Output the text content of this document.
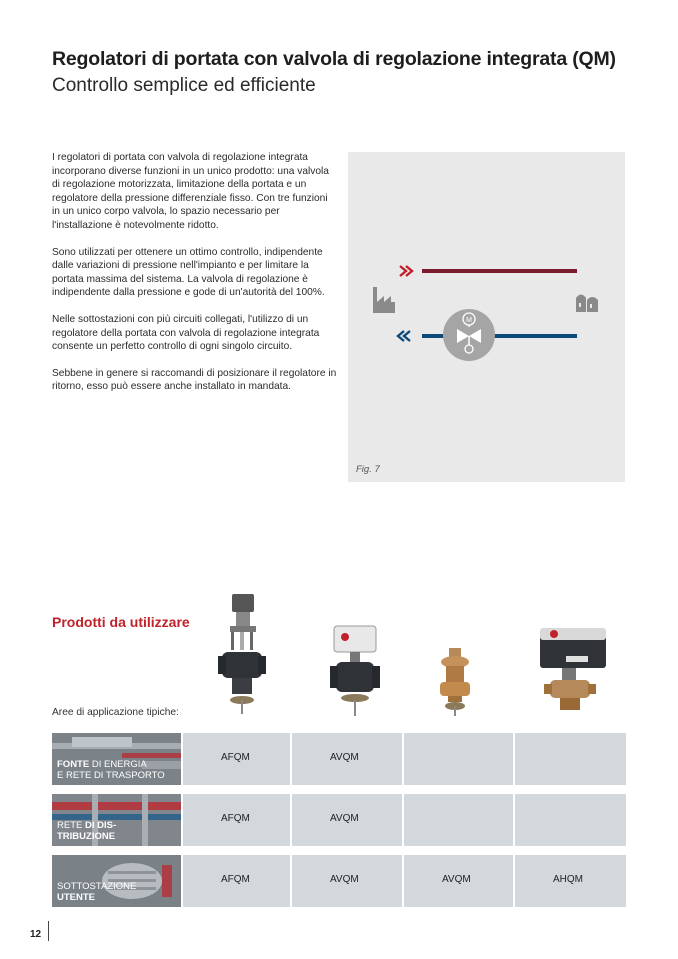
Regolatori di portata con valvola di regolazione integrata (QM)
Controllo semplice ed efficiente

I regolatori di portata con valvola di regolazione integrata incorporano diverse funzioni in un unico prodotto: una valvola di regolazione motorizzata, limitazione della portata e un regolatore della pressione differenziale fisso. Con tre funzioni in un unico corpo valvola, lo spazio necessario per l'installazione è notevolmente ridotto.

Sono utilizzati per ottenere un ottimo controllo, indipendente dalle variazioni di pressione nell'impianto e per limitare la portata massima del sistema. La valvola di regolazione è indipendente dalla pressione e gode di un'autorità del 100%.

Nelle sottostazioni con più circuiti collegati, l'utilizzo di un regolatore della portata con valvola di regolazione integrata consente un perfetto controllo di ogni singolo circuito.

Sebbene in genere si raccomandi di posizionare il regolatore in ritorno, esso può essere anche installato in mandata.

M
Fig. 7
Prodotti da utilizzare
Aree di applicazione tipiche:
FONTE DI ENERGIA
E RETE DI TRASPORTO
AFQM	AVQM
RETE DI DIS-
TRIBUZIONE
AFQM	AVQM
SOTTOSTAZIONE
UTENTE
AFQM	AVQM	AVQM	AHQM
12
